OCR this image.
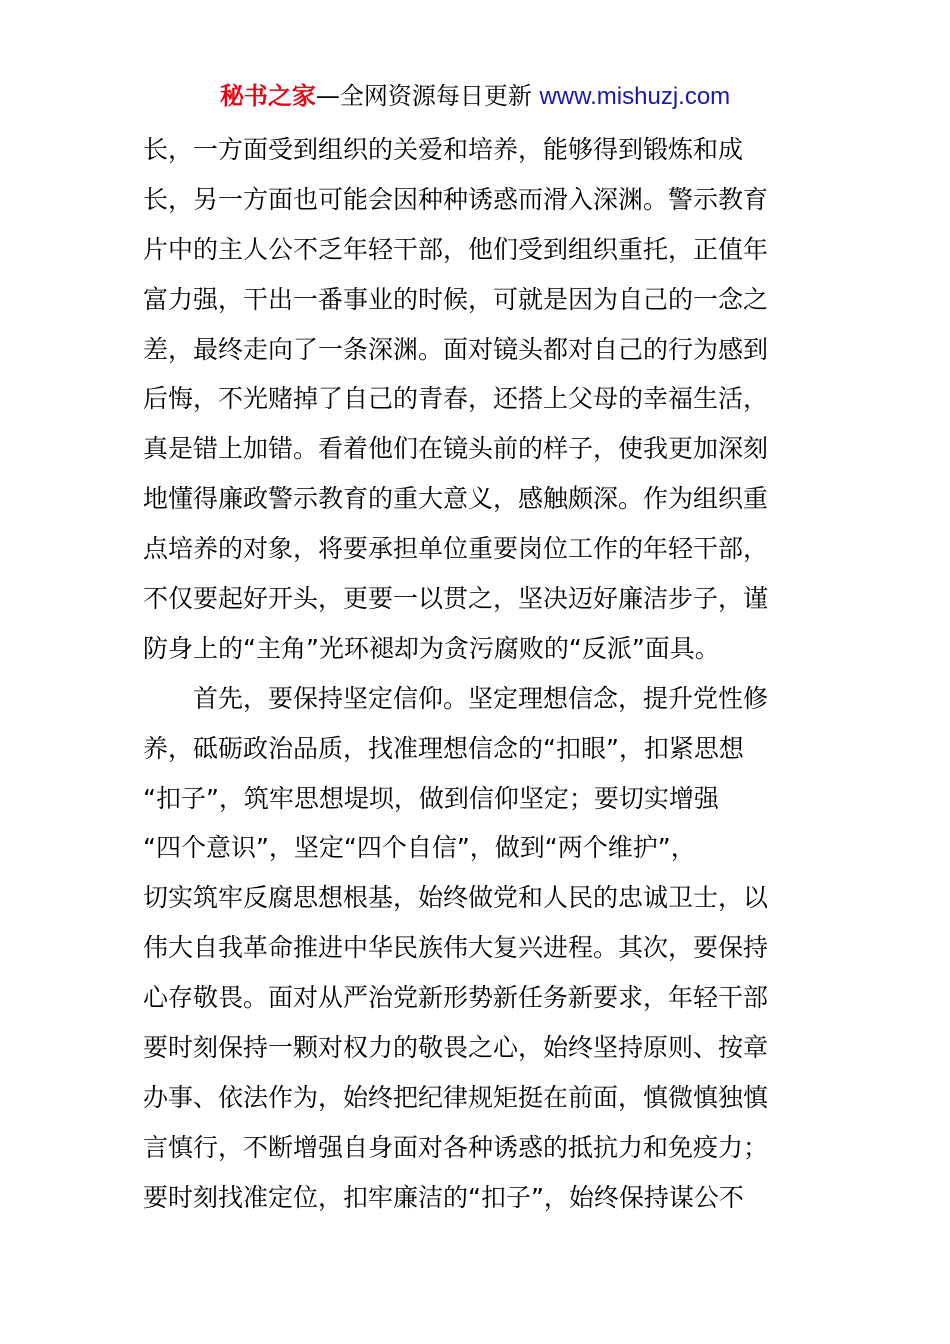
秘书之家—全网资源每日更新 www.mishuzj.com
长，一方面受到组织的关爱和培养，能够得到锻炼和成
长，另一方面也可能会因种种诱惑而滑入深渊。警示教育
片中的主人公不乏年轻干部，他们受到组织重托，正值年
富力强，干出一番事业的时候，可就是因为自己的一念之
差，最终走向了一条深渊。面对镜头都对自己的行为感到
后悔，不光赌掉了自己的青春，还搭上父母的幸福生活，
真是错上加错。看着他们在镜头前的样子，使我更加深刻
地懂得廉政警示教育的重大意义，感触颇深。作为组织重
点培养的对象，将要承担单位重要岗位工作的年轻干部，
不仅要起好开头，更要一以贯之，坚决迈好廉洁步子，谨
防身上的“主角”光环褪却为贪污腐败的“反派”面具。
首先，要保持坚定信仰。坚定理想信念，提升党性修
养，砥砺政治品质，找准理想信念的“扣眼”，扣紧思想
“扣子”，筑牢思想堤坝，做到信仰坚定；要切实增强
“四个意识”，坚定“四个自信”，做到“两个维护”，
切实筑牢反腐思想根基，始终做党和人民的忠诚卫士，以
伟大自我革命推进中华民族伟大复兴进程。其次，要保持
心存敬畏。面对从严治党新形势新任务新要求，年轻干部
要时刻保持一颗对权力的敬畏之心，始终坚持原则、按章
办事、依法作为，始终把纪律规矩挺在前面，慎微慎独慎
言慎行，不断增强自身面对各种诱惑的抵抗力和免疫力；
要时刻找准定位，扣牢廉洁的“扣子”，始终保持谋公不
